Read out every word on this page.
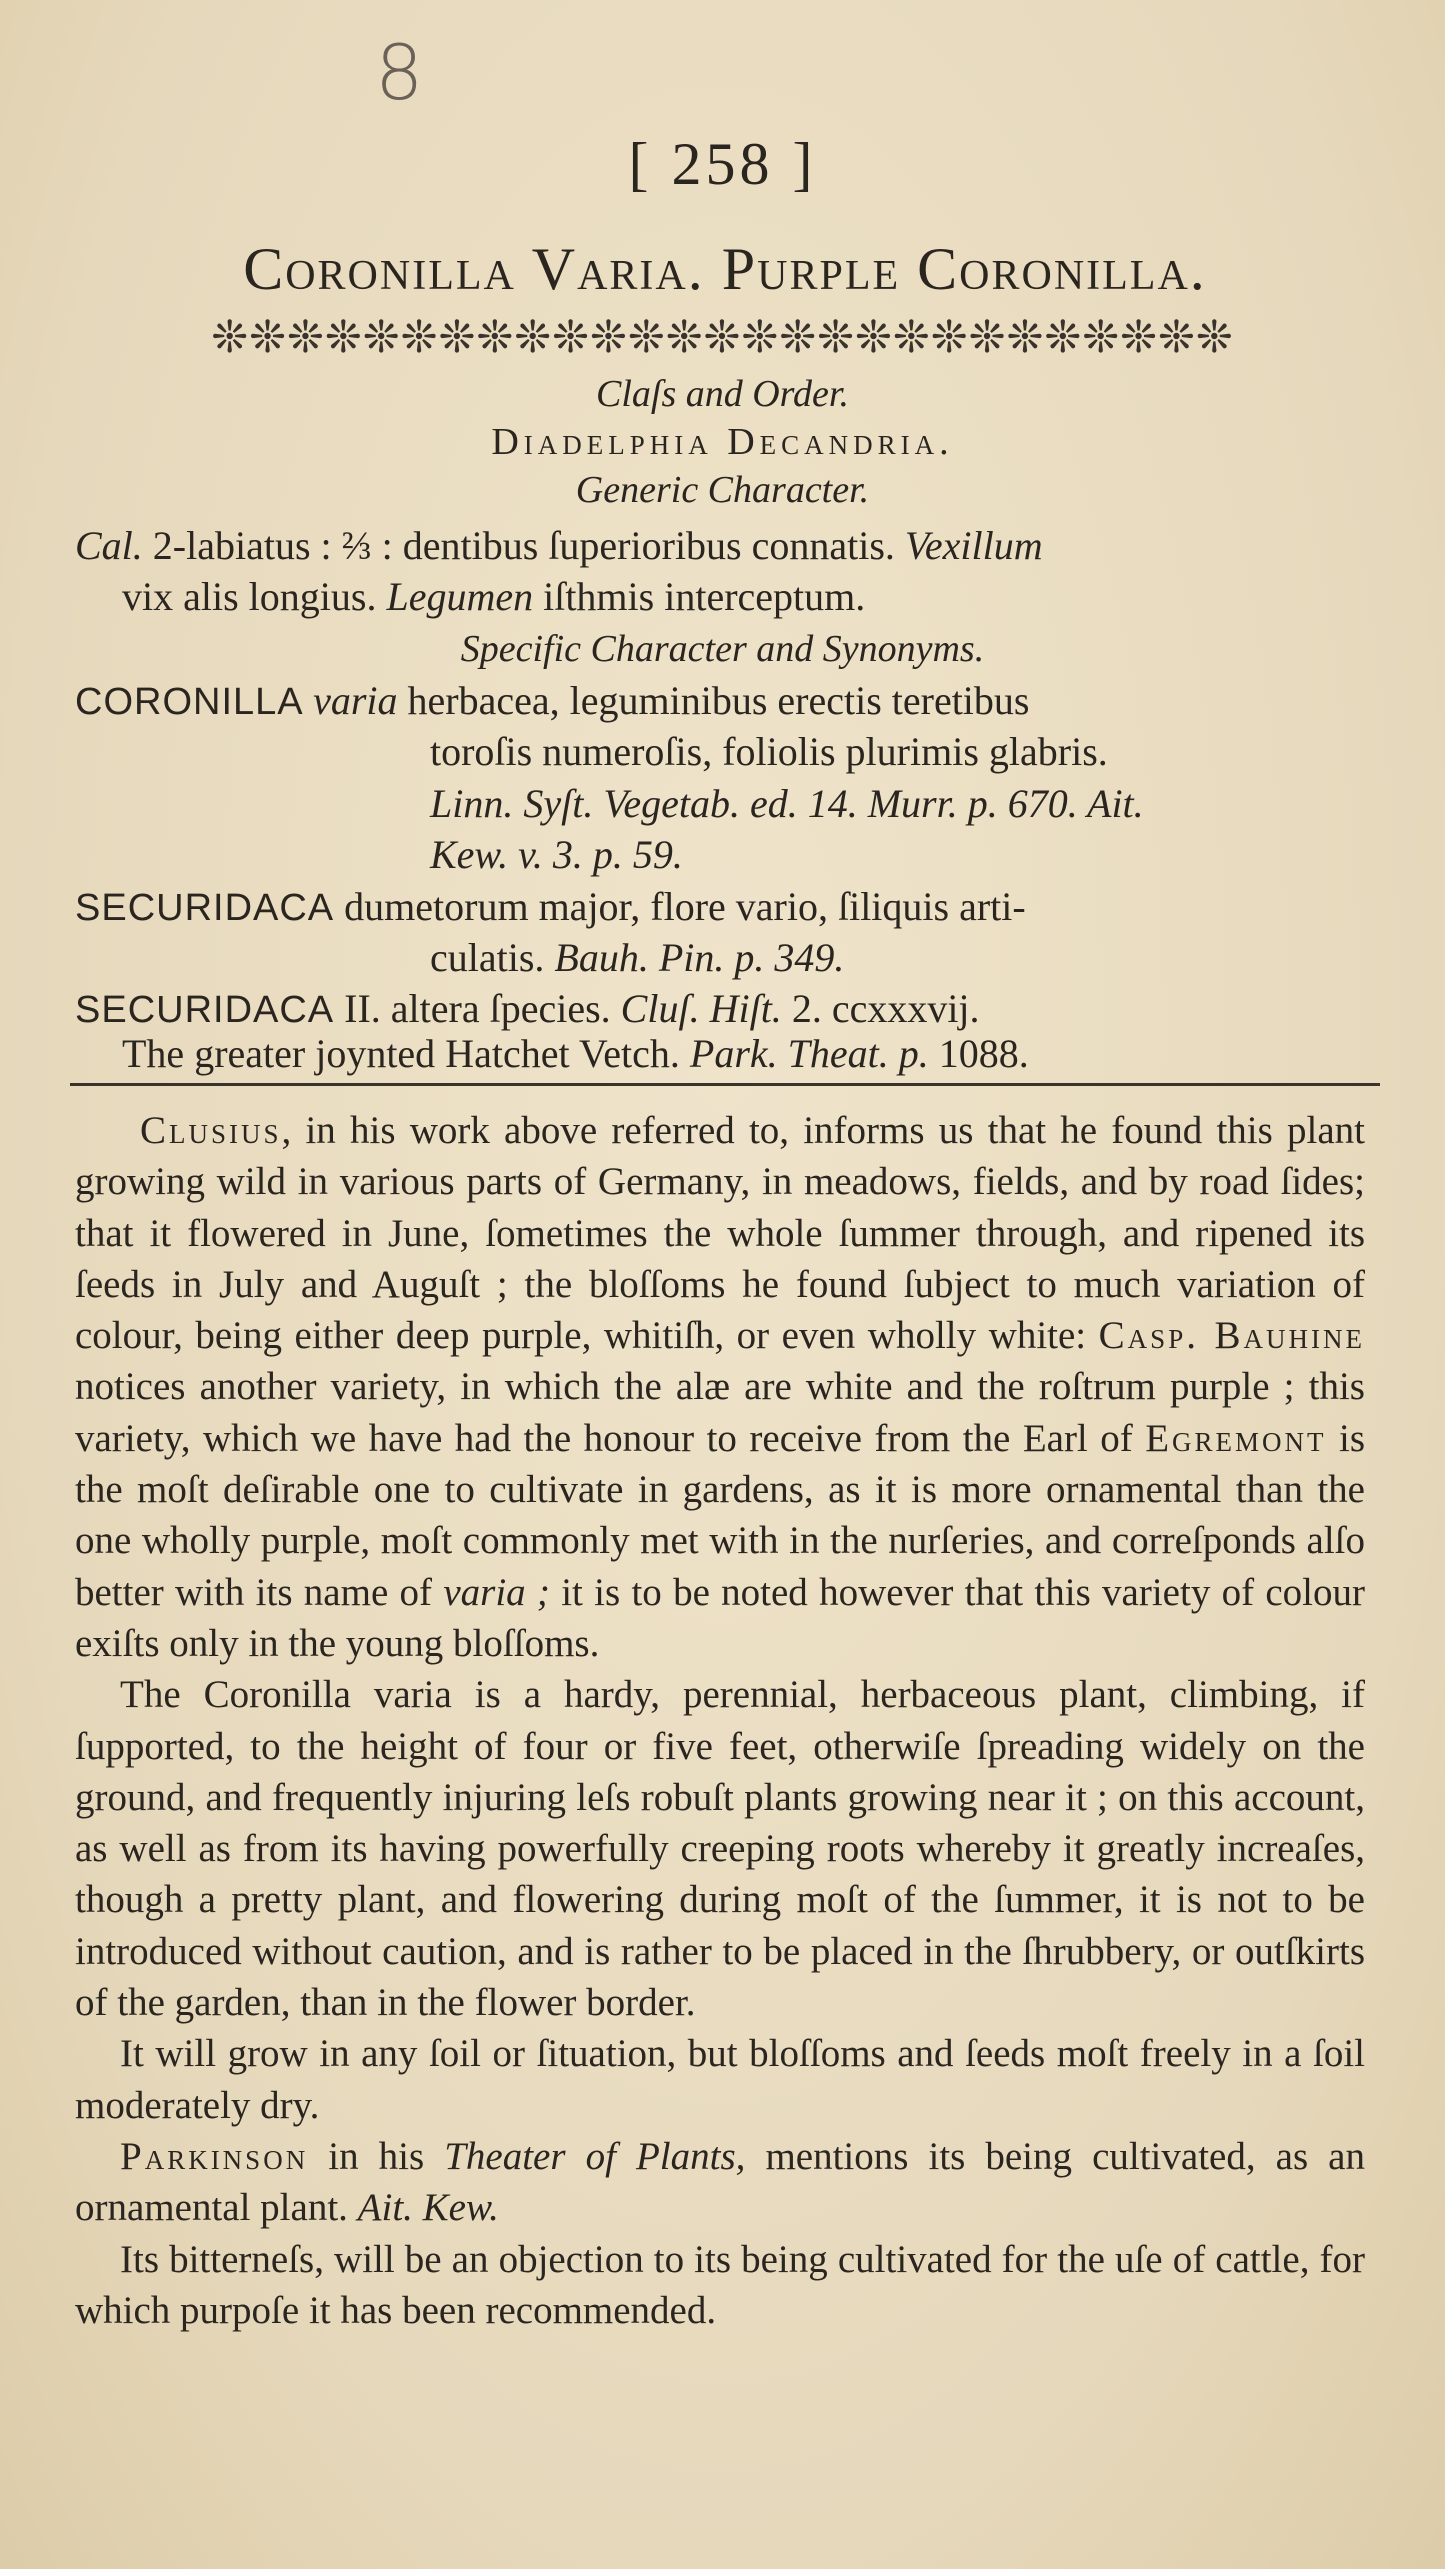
8
[ 258 ]
Coronilla Varia. Purple Coronilla.
❊❊❊❊❊❊❊❊❊❊❊❊❊❊❊❊❊❊❊❊❊❊❊❊❊❊❊
Claſs and Order.
Diadelphia Decandria.
Generic Character.
Cal. 2-labiatus : ⅔ : dentibus ſuperioribus connatis. Vexillum
vix alis longius. Legumen iſthmis interceptum.
Specific Character and Synonyms.
CORONILLA varia herbacea, leguminibus erectis teretibus
toroſis numeroſis, foliolis plurimis glabris.
Linn. Syſt. Vegetab. ed. 14. Murr. p. 670. Ait.
Kew. v. 3. p. 59.
SECURIDACA dumetorum major, flore vario, ſiliquis arti-
culatis. Bauh. Pin. p. 349.
SECURIDACA II. altera ſpecies. Cluſ. Hiſt. 2. ccxxxvij.
The greater joynted Hatchet Vetch. Park. Theat. p. 1088.

Clusius, in his work above referred to, informs us that he found this plant growing wild in various parts of Germany, in meadows, fields, and by road ſides; that it flowered in June, ſometimes the whole ſummer through, and ripened its ſeeds in July and Auguſt ; the bloſſoms he found ſubject to much variation of colour, being either deep purple, whitiſh, or even wholly white: Casp. Bauhine notices another variety, in which the alæ are white and the roſtrum purple ; this variety, which we have had the honour to receive from the Earl of Egremont is the moſt deſirable one to cultivate in gardens, as it is more ornamental than the one wholly purple, moſt commonly met with in the nurſeries, and correſponds alſo better with its name of varia ; it is to be noted however that this variety of colour exiſts only in the young bloſſoms.

The Coronilla varia is a hardy, perennial, herbaceous plant, climbing, if ſupported, to the height of four or five feet, otherwiſe ſpreading widely on the ground, and frequently injuring leſs robuſt plants growing near it ; on this account, as well as from its having powerfully creeping roots whereby it greatly increaſes, though a pretty plant, and flowering during moſt of the ſummer, it is not to be introduced without caution, and is rather to be placed in the ſhrubbery, or outſkirts of the garden, than in the flower border.

It will grow in any ſoil or ſituation, but bloſſoms and ſeeds moſt freely in a ſoil moderately dry.

Parkinson in his Theater of Plants, mentions its being cultivated, as an ornamental plant. Ait. Kew.

Its bitterneſs, will be an objection to its being cultivated for the uſe of cattle, for which purpoſe it has been recommended.
